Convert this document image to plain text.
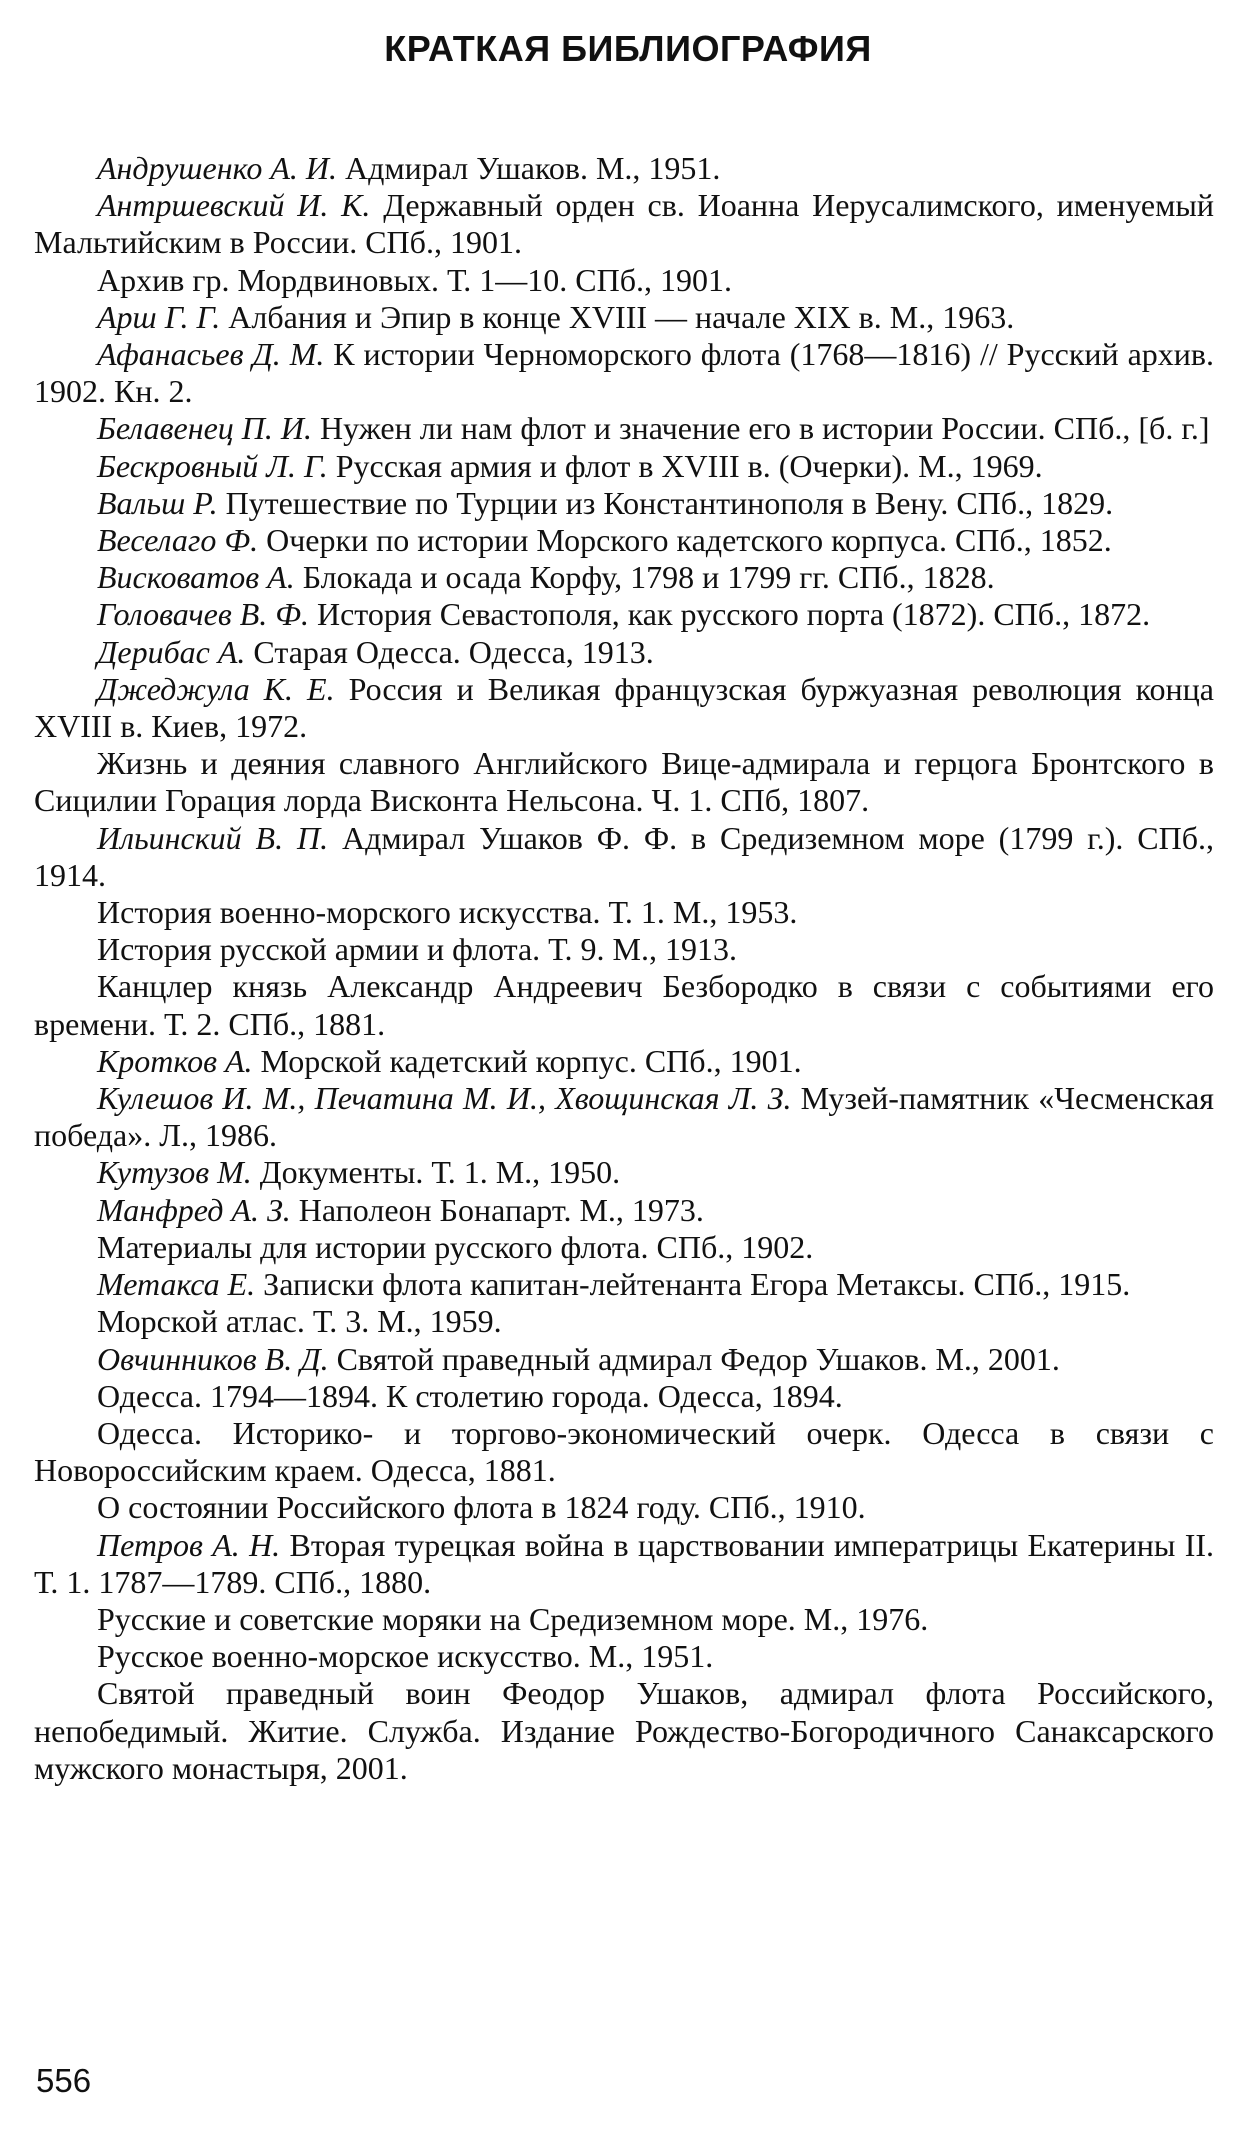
КРАТКАЯ БИБЛИОГРАФИЯ

Андрушенко А. И. Адмирал Ушаков. М., 1951.

Антршевский И. К. Державный орден св. Иоанна Иерусалимского, именуемый Мальтийским в России. СПб., 1901.

Архив гр. Мордвиновых. Т. 1—10. СПб., 1901.

Арш Г. Г. Албания и Эпир в конце XVIII — начале XIX в. М., 1963.

Афанасьев Д. М. К истории Черноморского флота (1768—1816) // Русский архив. 1902. Кн. 2.

Белавенец П. И. Нужен ли нам флот и значение его в истории России. СПб., [б. г.]

Бескровный Л. Г. Русская армия и флот в XVIII в. (Очерки). М., 1969.

Вальш Р. Путешествие по Турции из Константинополя в Вену. СПб., 1829.

Веселаго Ф. Очерки по истории Морского кадетского корпуса. СПб., 1852.

Висковатов А. Блокада и осада Корфу, 1798 и 1799 гг. СПб., 1828.

Головачев В. Ф. История Севастополя, как русского порта (1872). СПб., 1872.

Дерибас А. Старая Одесса. Одесса, 1913.

Джеджула К. Е. Россия и Великая французская буржуазная революция конца XVIII в. Киев, 1972.

Жизнь и деяния славного Английского Вице-адмирала и герцога Бронтского в Сицилии Горация лорда Висконта Нельсона. Ч. 1. СПб, 1807.

Ильинский В. П. Адмирал Ушаков Ф. Ф. в Средиземном море (1799 г.). СПб., 1914.

История военно-морского искусства. Т. 1. М., 1953.

История русской армии и флота. Т. 9. М., 1913.

Канцлер князь Александр Андреевич Безбородко в связи с событиями его времени. Т. 2. СПб., 1881.

Кротков А. Морской кадетский корпус. СПб., 1901.

Кулешов И. М., Печатина М. И., Хвощинская Л. З. Музей-памятник «Чесменская победа». Л., 1986.

Кутузов М. Документы. Т. 1. М., 1950.

Манфред А. З. Наполеон Бонапарт. М., 1973.

Материалы для истории русского флота. СПб., 1902.

Метакса Е. Записки флота капитан-лейтенанта Егора Метаксы. СПб., 1915.

Морской атлас. Т. 3. М., 1959.

Овчинников В. Д. Святой праведный адмирал Федор Ушаков. М., 2001.

Одесса. 1794—1894. К столетию города. Одесса, 1894.

Одесса. Историко- и торгово-экономический очерк. Одесса в связи с Новороссийским краем. Одесса, 1881.

О состоянии Российского флота в 1824 году. СПб., 1910.

Петров А. Н. Вторая турецкая война в царствовании императрицы Екатерины II. Т. 1. 1787—1789. СПб., 1880.

Русские и советские моряки на Средиземном море. М., 1976.

Русское военно-морское искусство. М., 1951.

Святой праведный воин Феодор Ушаков, адмирал флота Российского, непобедимый. Житие. Служба. Издание Рождество-Богородичного Санаксарского мужского монастыря, 2001.

556
